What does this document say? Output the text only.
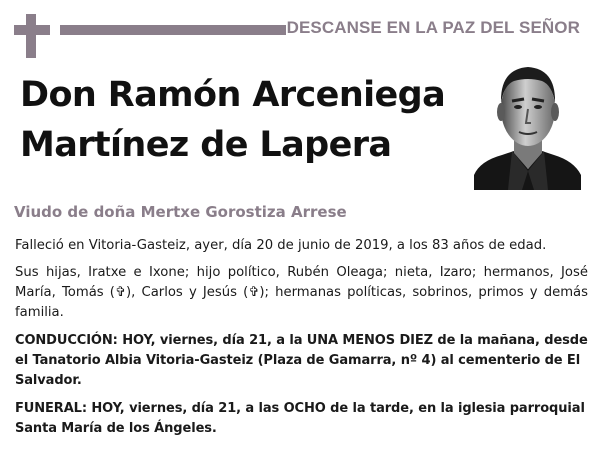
DESCANSE EN LA PAZ DEL SEÑOR
Don Ramón Arceniega
Martínez de Lapera
Viudo de doña Mertxe Gorostiza Arrese
Falleció en Vitoria-Gasteiz, ayer, día 20 de junio de 2019, a los 83 años de edad.
Sus hijas, Iratxe e Ixone; hijo político, Rubén Oleaga; nieta, Izaro; hermanos, José María, Tomás (✞), Carlos y Jesús (✞); hermanas políticas, sobrinos, primos y demás familia.
CONDUCCIÓN: HOY, viernes, día 21, a la UNA MENOS DIEZ de la mañana, desde el Tanatorio Albia Vitoria-Gasteiz (Plaza de Gamarra, nº 4) al cementerio de El Salvador.
FUNERAL: HOY, viernes, día 21, a las OCHO de la tarde, en la iglesia parroquial Santa María de los Ángeles.
